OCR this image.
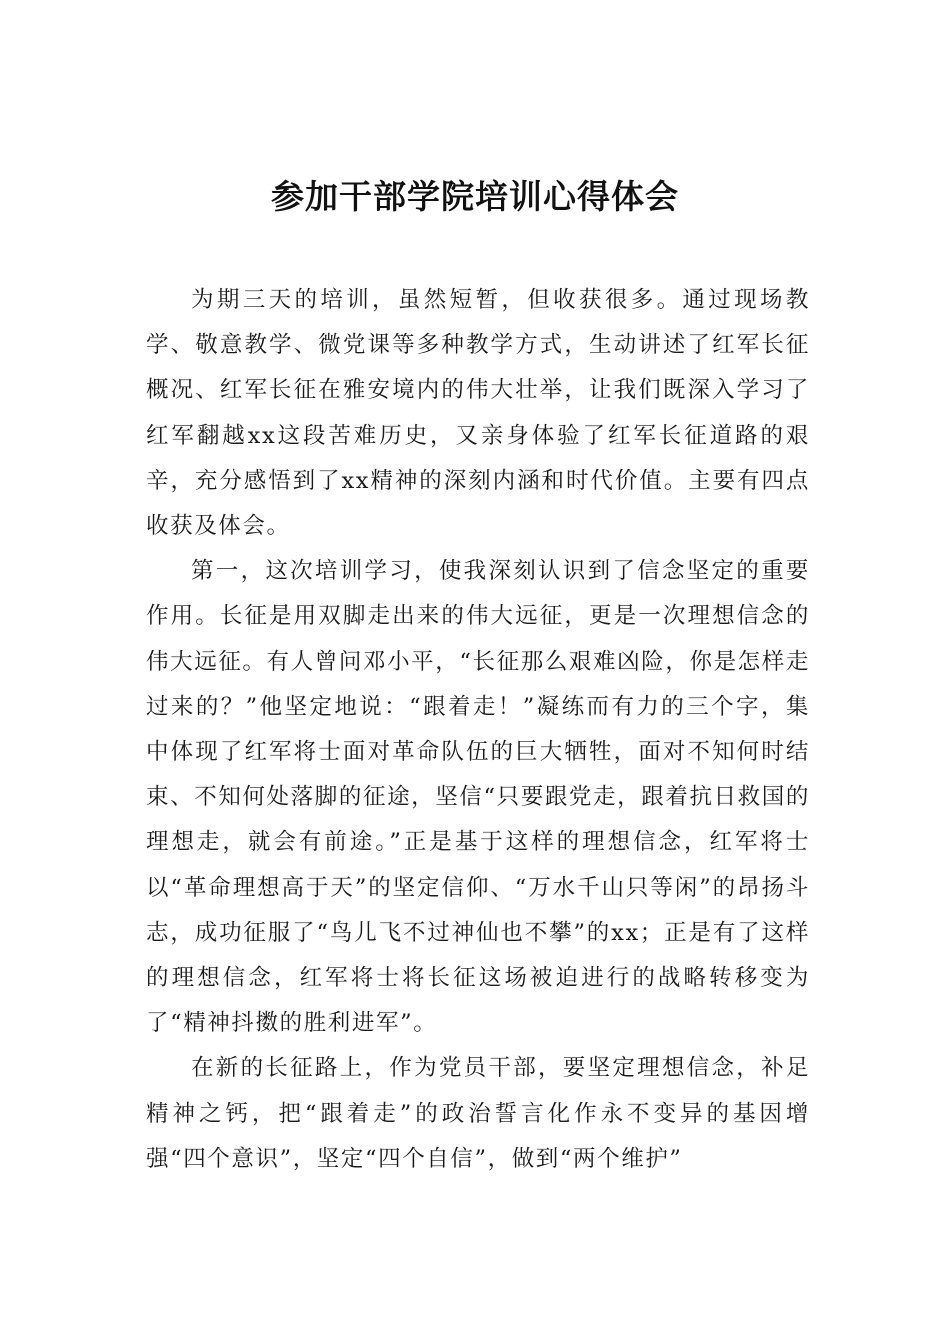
参加干部学院培训心得体会

为期三天的培训，虽然短暂，但收获很多。通过现场教学、敬意教学、微党课等多种教学方式，生动讲述了红军长征概况、红军长征在雅安境内的伟大壮举，让我们既深入学习了红军翻越xx这段苦难历史，又亲身体验了红军长征道路的艰辛，充分感悟到了xx精神的深刻内涵和时代价值。主要有四点收获及体会。

第一，这次培训学习，使我深刻认识到了信念坚定的重要作用。长征是用双脚走出来的伟大远征，更是一次理想信念的伟大远征。有人曾问邓小平，“长征那么艰难凶险，你是怎样走过来的？”他坚定地说：“跟着走！”凝练而有力的三个字，集中体现了红军将士面对革命队伍的巨大牺牲，面对不知何时结束、不知何处落脚的征途，坚信“只要跟党走，跟着抗日救国的理想走，就会有前途。”正是基于这样的理想信念，红军将士以“革命理想高于天”的坚定信仰、“万水千山只等闲”的昂扬斗志，成功征服了“鸟儿飞不过神仙也不攀”的xx；正是有了这样的理想信念，红军将士将长征这场被迫进行的战略转移变为了“精神抖擞的胜利进军”。

在新的长征路上，作为党员干部，要坚定理想信念，补足精神之钙，把“跟着走”的政治誓言化作永不变异的基因增强“四个意识”，坚定“四个自信”，做到“两个维护”
